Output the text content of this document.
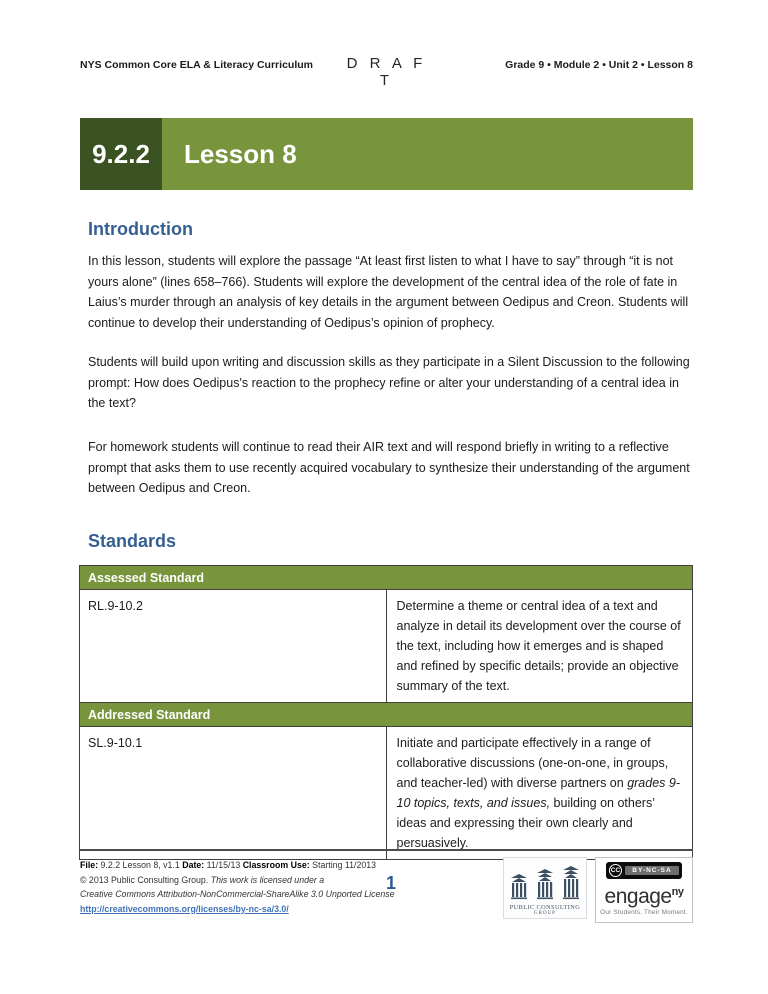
NYS Common Core ELA & Literacy Curriculum	D R A F T
Grade 9 • Module 2 • Unit 2 • Lesson 8
9.2.2	Lesson 8
Introduction

In this lesson, students will explore the passage “At least first listen to what I have to say” through “it is not yours alone” (lines 658–766). Students will explore the development of the central idea of the role of fate in Laius’s murder through an analysis of key details in the argument between Oedipus and Creon. Students will continue to develop their understanding of Oedipus’s opinion of prophecy.

Students will build upon writing and discussion skills as they participate in a Silent Discussion to the following prompt: How does Oedipus's reaction to the prophecy refine or alter your understanding of a central idea in the text?

For homework students will continue to read their AIR text and will respond briefly in writing to a reflective prompt that asks them to use recently acquired vocabulary to synthesize their understanding of the argument between Oedipus and Creon.

Standards
Assessed Standard	
RL.9-10.2	Determine a theme or central idea of a text and analyze in detail its development over the course of the text, including how it emerges and is shaped and refined by specific details; provide an objective summary of the text.
Addressed Standard	
SL.9-10.1	Initiate and participate effectively in a range of collaborative discussions (one-on-one, in groups, and teacher-led) with diverse partners on grades 9-10 topics, texts, and issues, building on others’ ideas and expressing their own clearly and persuasively.
File: 9.2.2 Lesson 8, v1.1 Date: 11/15/13 Classroom Use: Starting 11/2013
© 2013 Public Consulting Group. This work is licensed under a
Creative Commons Attribution-NonCommercial-ShareAlike 3.0 Unported License
http://creativecommons.org/licenses/by-nc-sa/3.0/
1
PUBLIC CONSULTING
GROUP
CC	BY-NC-SA
engage$^{ny}$
Our Students. Their Moment.
